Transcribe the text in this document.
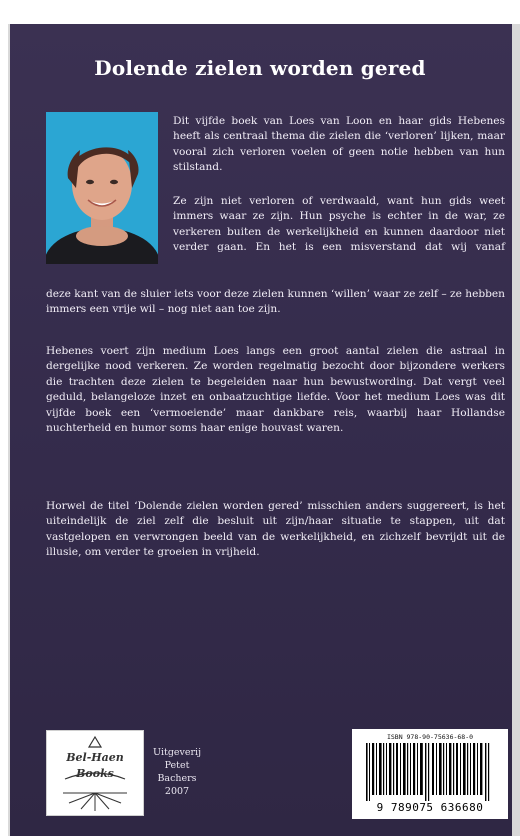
Dolende zielen worden gered
Dit vijfde boek van Loes van Loon en haar gids Hebenes heeft als centraal thema die zielen die ‘verloren’ lijken, maar vooral zich verloren voelen of geen notie hebben van hun stilstand.
Ze zijn niet verloren of verdwaald, want hun gids weet immers waar ze zijn. Hun psyche is echter in de war, ze verkeren buiten de werkelijkheid en kunnen daardoor niet verder gaan. En het is een misverstand dat wij vanaf
deze kant van de sluier iets voor deze zielen kunnen ‘willen’ waar ze zelf – ze hebben immers een vrije wil – nog niet aan toe zijn.
Hebenes voert zijn medium Loes langs een groot aantal zielen die astraal in dergelijke nood verkeren. Ze worden regelmatig bezocht door bijzondere werkers die trachten deze zielen te begeleiden naar hun bewustwording. Dat vergt veel geduld, belangeloze inzet en onbaatzuchtige liefde. Voor het medium Loes was dit vijfde boek een ‘vermoeiende’ maar dankbare reis, waarbij haar Hollandse nuchterheid en humor soms haar enige houvast waren.
Horwel de titel ‘Dolende zielen worden gered’ misschien anders suggereert, is het uiteindelijk de ziel zelf die besluit uit zijn/haar situatie te stappen, uit dat vastgelopen en verwrongen beeld van de werkelijkheid, en zichzelf bevrijdt uit de illusie, om verder te groeien in vrijheid.
Bel-Haen
Books
Uitgeverij
Petet
Bachers
2007
ISBN 978-90-75636-68-0
9 789075 636680
